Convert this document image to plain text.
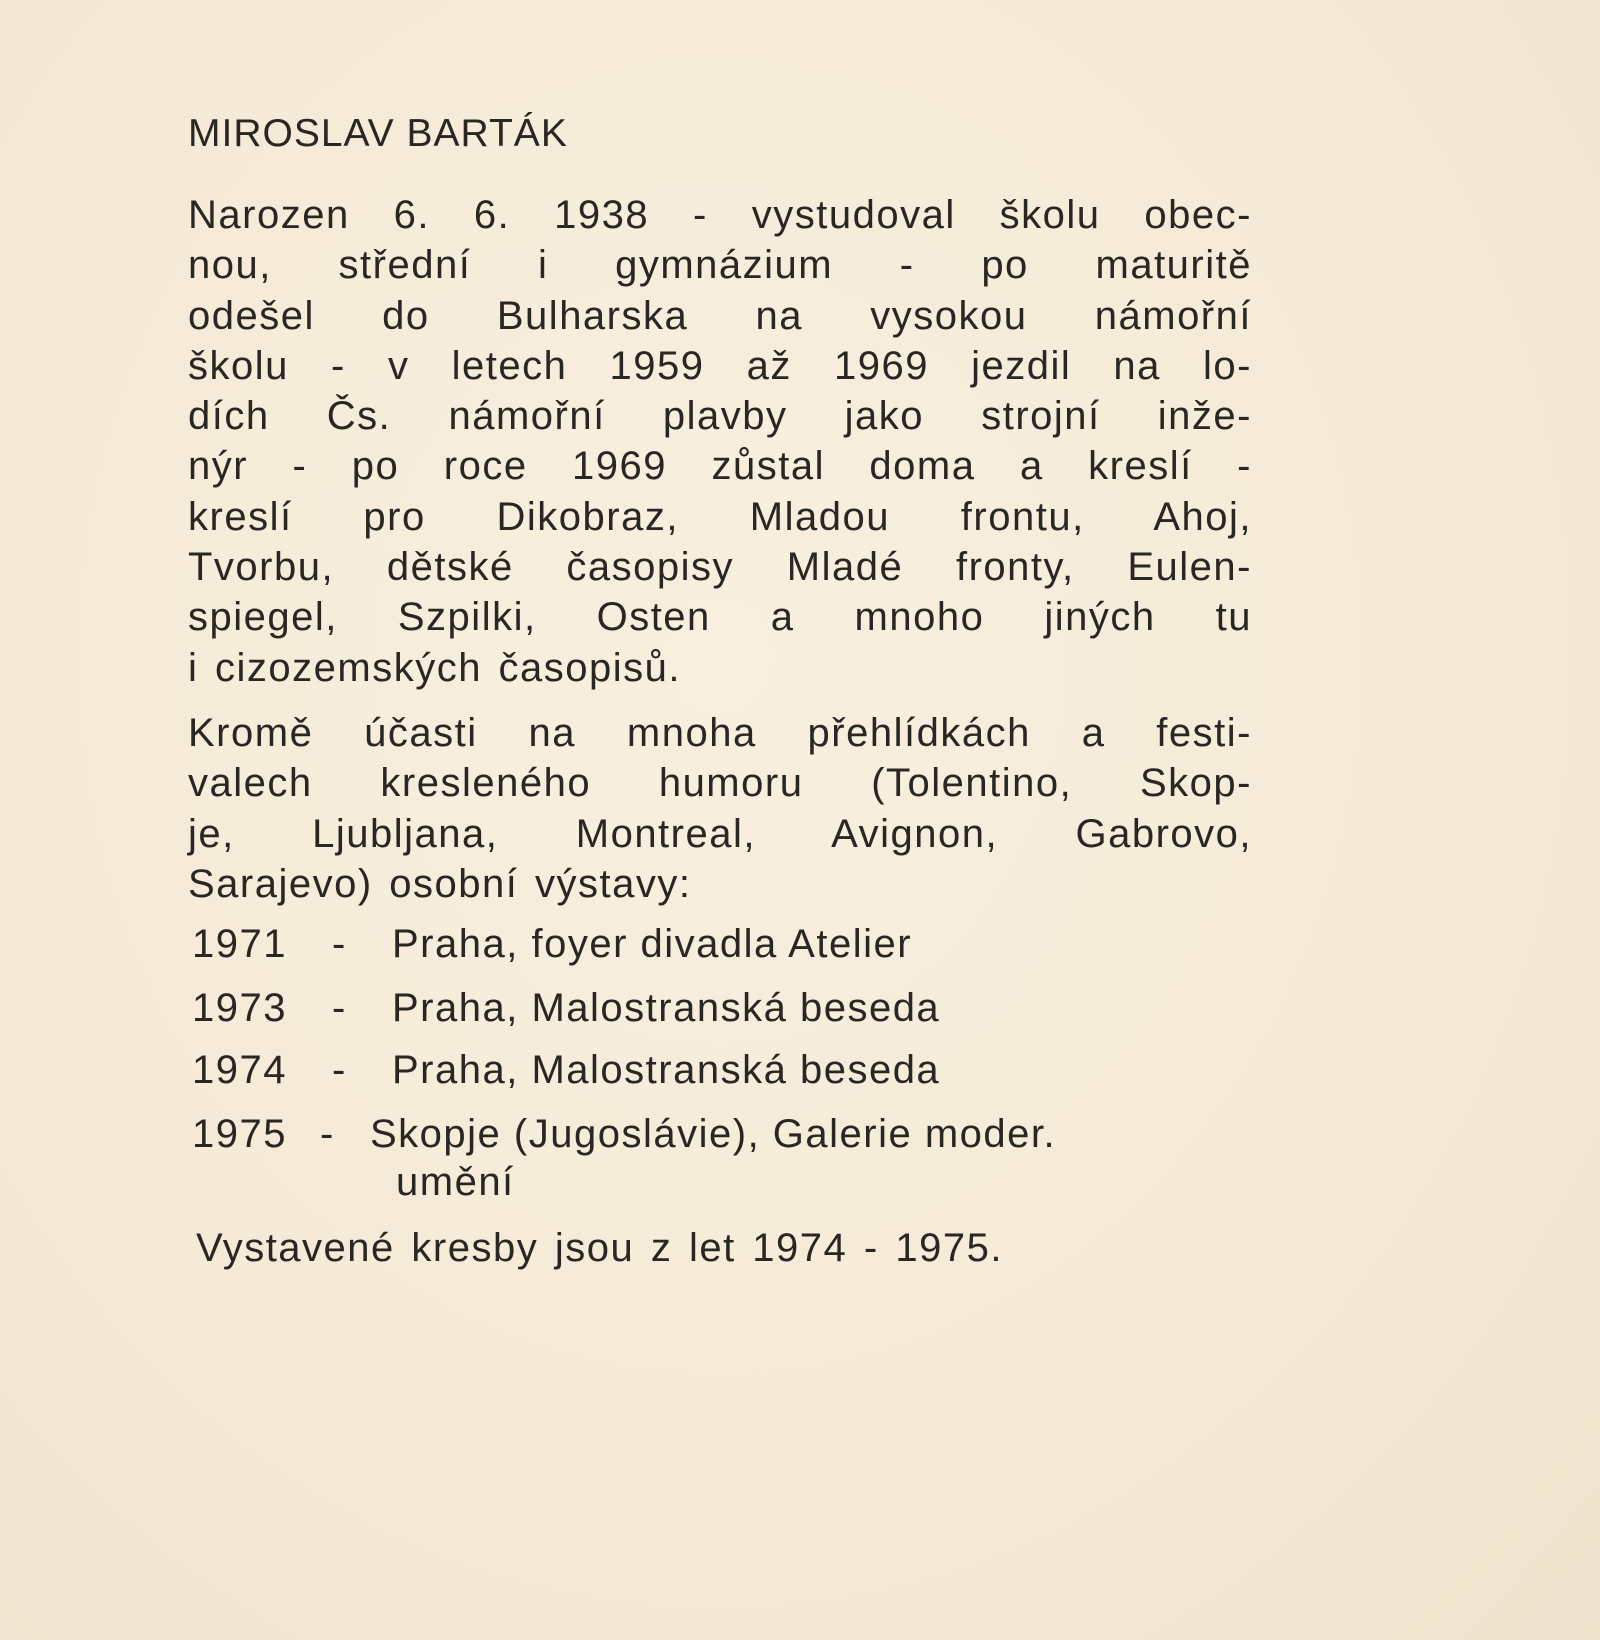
MIROSLAV BARTÁK
Narozen 6. 6. 1938 - vystudoval školu obec-
nou, střední i gymnázium - po maturitě
odešel do Bulharska na vysokou námořní
školu - v letech 1959 až 1969 jezdil na lo-
dích Čs. námořní plavby jako strojní inže-
nýr - po roce 1969 zůstal doma a kreslí -
kreslí pro Dikobraz, Mladou frontu, Ahoj,
Tvorbu, dětské časopisy Mladé fronty, Eulen-
spiegel, Szpilki, Osten a mnoho jiných tu
i cizozemských časopisů.
Kromě účasti na mnoha přehlídkách a festi-
valech kresleného humoru (Tolentino, Skop-
je, Ljubljana, Montreal, Avignon, Gabrovo,
Sarajevo) osobní výstavy:
1971 - Praha, foyer divadla Atelier
1973 - Praha, Malostranská beseda
1974 - Praha, Malostranská beseda
1975 - Skopje (Jugoslávie), Galerie moder.
umění
Vystavené kresby jsou z let 1974 - 1975.
